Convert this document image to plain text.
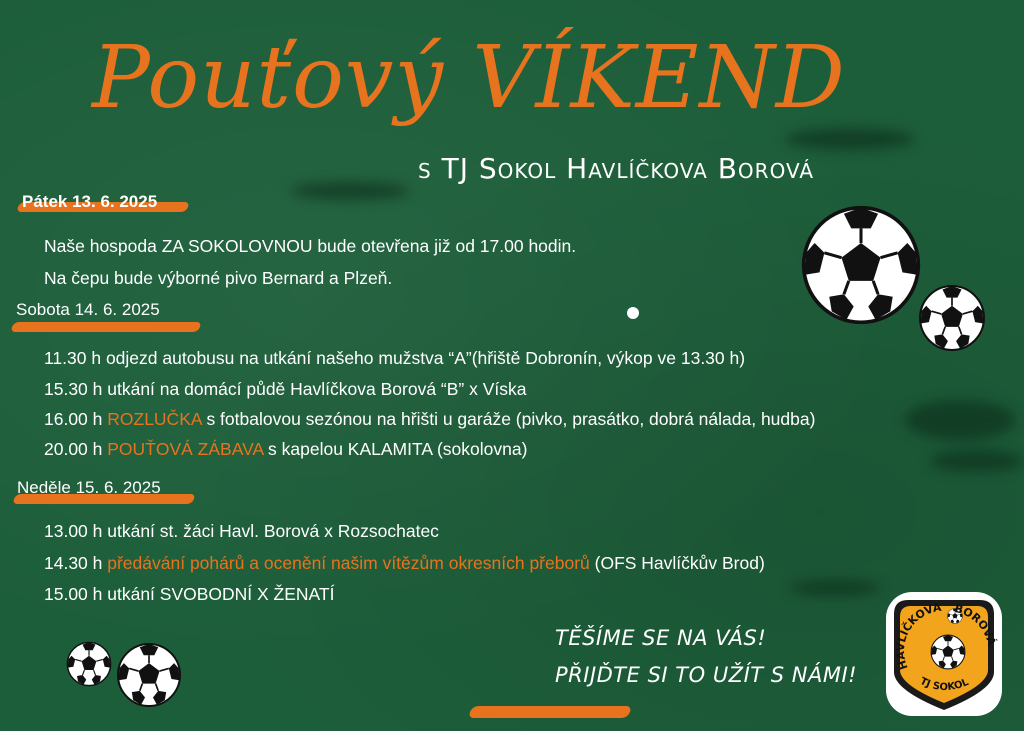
Pouťový VÍKEND
s TJ Sokol Havlíčkova Borová
Pátek 13. 6. 2025
Naše hospoda ZA SOKOLOVNOU bude otevřena již od 17.00 hodin.
Na čepu bude výborné pivo Bernard a Plzeň.
Sobota 14. 6. 2025
11.30 h odjezd autobusu na utkání našeho mužstva “A”(hřiště Dobronín, výkop ve 13.30 h)
15.30 h utkání na domácí půdě Havlíčkova Borová “B” x Víska
16.00 h ROZLUČKA s fotbalovou sezónou na hřišti u garáže (pivko, prasátko, dobrá nálada, hudba)
20.00 h POUŤOVÁ ZÁBAVA s kapelou KALAMITA (sokolovna)
Neděle 15. 6. 2025
13.00 h utkání st. žáci Havl. Borová x Rozsochatec
14.30 h předávání pohárů a ocenění našim vítězům okresních přeborů (OFS Havlíčkův Brod)
15.00 h utkání SVOBODNÍ X ŽENATÍ
TĚŠÍME SE NA VÁS!
PŘIJĎTE SI TO UŽÍT S NÁMI!	HAVLÍČKOVA BOROVÁ
TJ SOKOL
